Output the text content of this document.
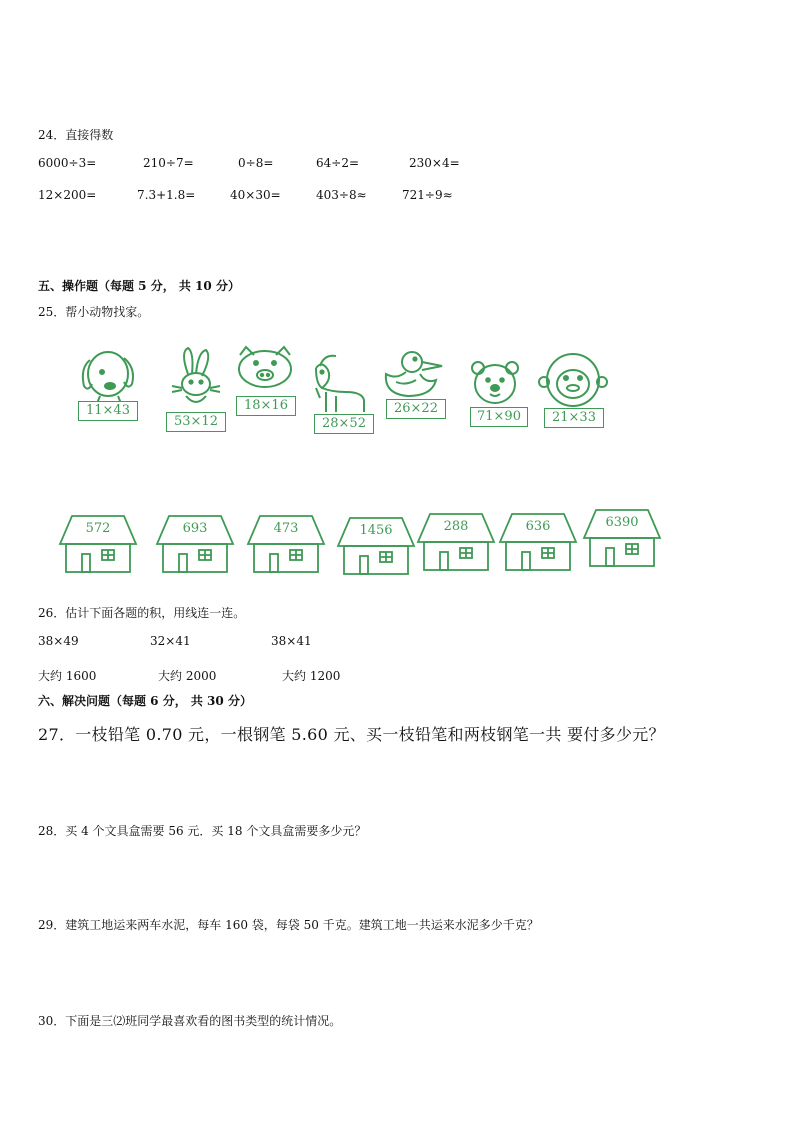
24．直接得数
6000÷3=	210÷7=	0÷8=	64÷2=	230×4=
12×200=	7.3+1.8=	40×30=	403÷8≈	721÷9≈
五、操作题（每题 5 分， 共 10 分）
25．帮小动物找家。
11×43
53×12
18×16
28×52
26×22
71×90	21×33
572	693	473	1456	288	636	6390
26．估计下面各题的积，用线连一连。
38×49	32×41	38×41
大约 1600	大约 2000	大约 1200
六、解决问题（每题 6 分， 共 30 分）
27．一枝铅笔 0.70 元，一根钢笔 5.60 元、买一枝铅笔和两枝钢笔一共 要付多少元？
28．买 4 个文具盒需要 56 元．买 18 个文具盒需要多少元？
29．建筑工地运来两车水泥，每车 160 袋，每袋 50 千克。建筑工地一共运来水泥多少千克？
30．下面是三⑵班同学最喜欢看的图书类型的统计情况。
